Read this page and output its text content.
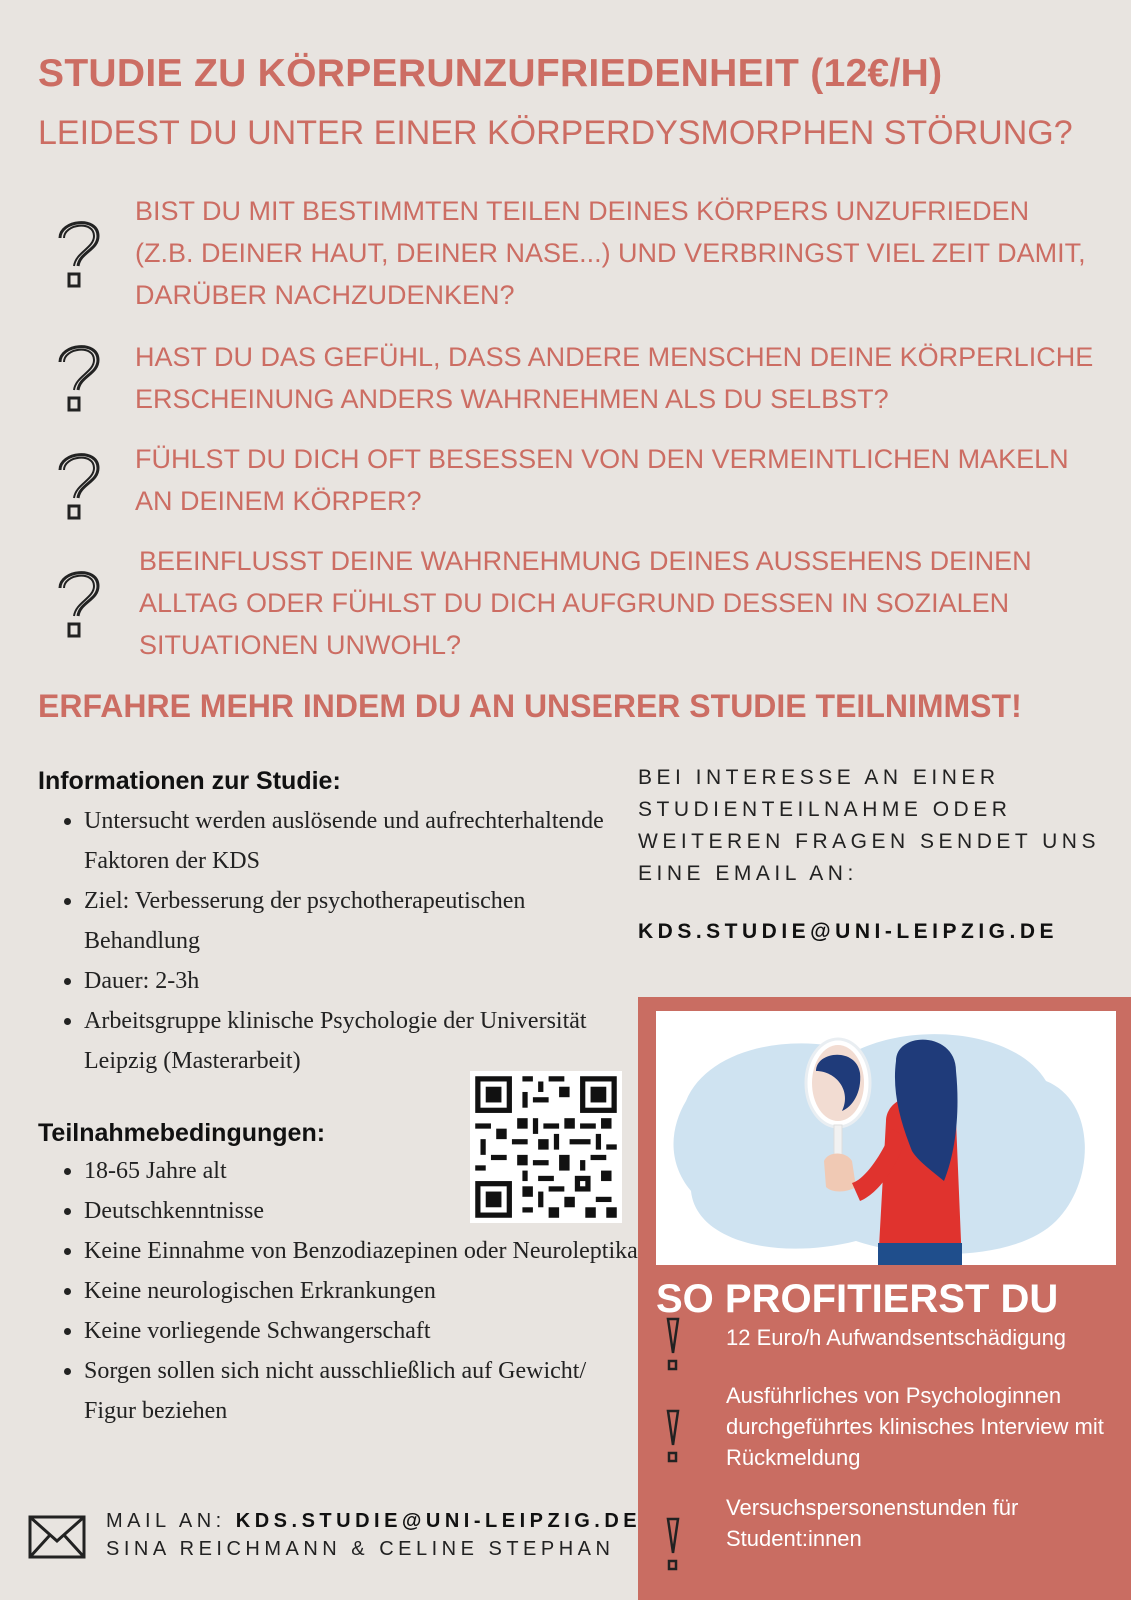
STUDIE ZU KÖRPERUNZUFRIEDENHEIT (12€/H)
LEIDEST DU UNTER EINER KÖRPERDYSMORPHEN STÖRUNG?
BIST DU MIT BESTIMMTEN TEILEN DEINES KÖRPERS UNZUFRIEDEN (Z.B. DEINER HAUT, DEINER NASE...) UND VERBRINGST VIEL ZEIT DAMIT, DARÜBER NACHZUDENKEN?
HAST DU DAS GEFÜHL, DASS ANDERE MENSCHEN DEINE KÖRPERLICHE ERSCHEINUNG ANDERS WAHRNEHMEN ALS DU SELBST?
FÜHLST DU DICH OFT BESESSEN VON DEN VERMEINTLICHEN MAKELN AN DEINEM KÖRPER?
BEEINFLUSST DEINE WAHRNEHMUNG DEINES AUSSEHENS DEINEN ALLTAG ODER FÜHLST DU DICH AUFGRUND DESSEN IN SOZIALEN SITUATIONEN UNWOHL?
ERFAHRE MEHR INDEM DU AN UNSERER STUDIE TEILNIMMST!
Informationen zur Studie:
• Untersucht werden auslösende und aufrechterhaltende Faktoren der KDS
• Ziel: Verbesserung der psychotherapeutischen Behandlung
• Dauer: 2-3h
• Arbeitsgruppe klinische Psychologie der Universität Leipzig (Masterarbeit)
Teilnahmebedingungen:
• 18-65 Jahre alt
• Deutschkenntnisse
• Keine Einnahme von Benzodiazepinen oder Neuroleptika
• Keine neurologischen Erkrankungen
• Keine vorliegende Schwangerschaft
• Sorgen sollen sich nicht ausschließlich auf Gewicht/ Figur beziehen
BEI INTERESSE AN EINER STUDIENTEILNAHME ODER WEITEREN FRAGEN SENDET UNS EINE EMAIL AN:
KDS.STUDIE@UNI-LEIPZIG.DE
SO PROFITIERST DU
12 Euro/h Aufwandsentschädigung
Ausführliches von Psychologinnen durchgeführtes klinisches Interview mit Rückmeldung
Versuchspersonenstunden für Student:innen
MAIL AN: KDS.STUDIE@UNI-LEIPZIG.DE
SINA REICHMANN & CELINE STEPHAN
